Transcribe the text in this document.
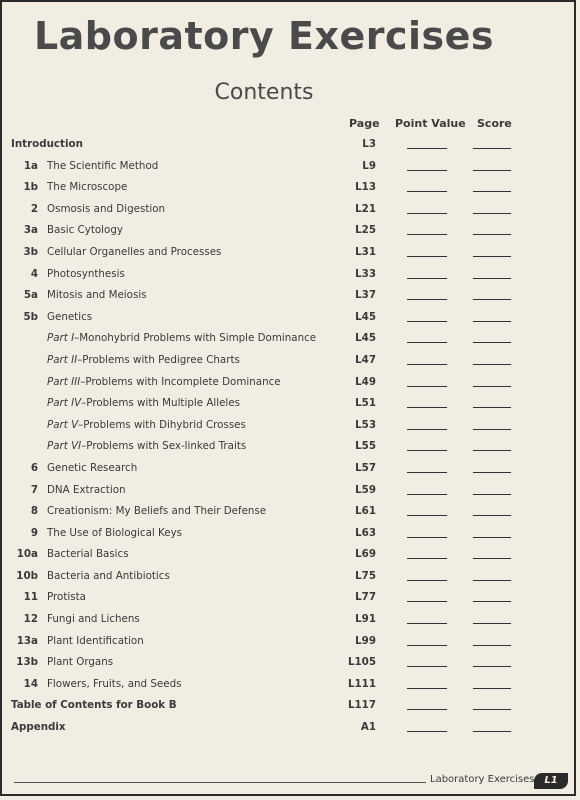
Laboratory Exercises
Contents
Page Point Value Score
Introduction	L3
1a The Scientific Method	L9
1b The Microscope	L13
2 Osmosis and Digestion	L21
3a Basic Cytology	L25
3b Cellular Organelles and Processes	L31
4 Photosynthesis	L33
5a Mitosis and Meiosis	L37
5b Genetics	L45
Part I–Monohybrid Problems with Simple Dominance	L45
Part II–Problems with Pedigree Charts	L47
Part III–Problems with Incomplete Dominance	L49
Part IV–Problems with Multiple Alleles	L51
Part V–Problems with Dihybrid Crosses	L53
Part VI–Problems with Sex-linked Traits	L55
6 Genetic Research	L57
7 DNA Extraction	L59
8 Creationism: My Beliefs and Their Defense	L61
9 The Use of Biological Keys	L63
10a Bacterial Basics	L69
10b Bacteria and Antibiotics	L75
11 Protista	L77
12 Fungi and Lichens	L91
13a Plant Identification	L99
13b Plant Organs	L105
14 Flowers, Fruits, and Seeds	L111
Table of Contents for Book B	L117
Appendix	A1
Laboratory Exercises L1
